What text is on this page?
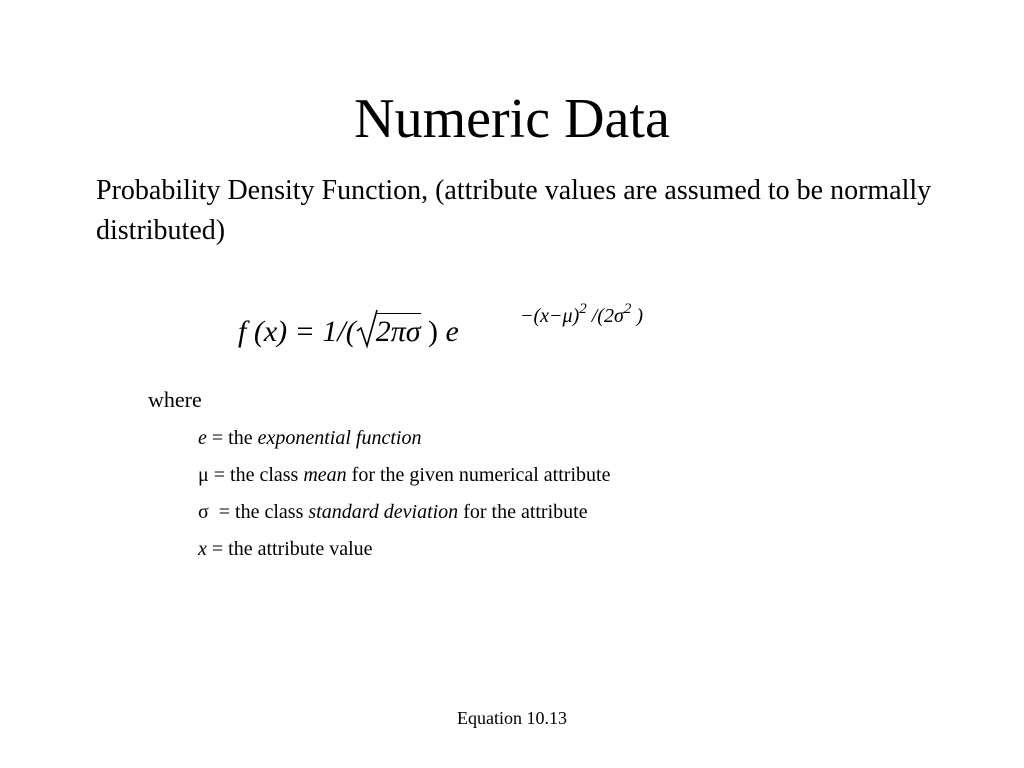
Numeric Data
Probability Density Function, (attribute values are assumed to be normally distributed)
f (x) = 1/( 2πσ ) e	$-(x-\mu)^2$ $/(2\sigma^2$ )
where
e = the exponential function
μ = the class mean for the given numerical attribute
σ  = the class standard deviation for the attribute
x = the attribute value
Equation 10.13
